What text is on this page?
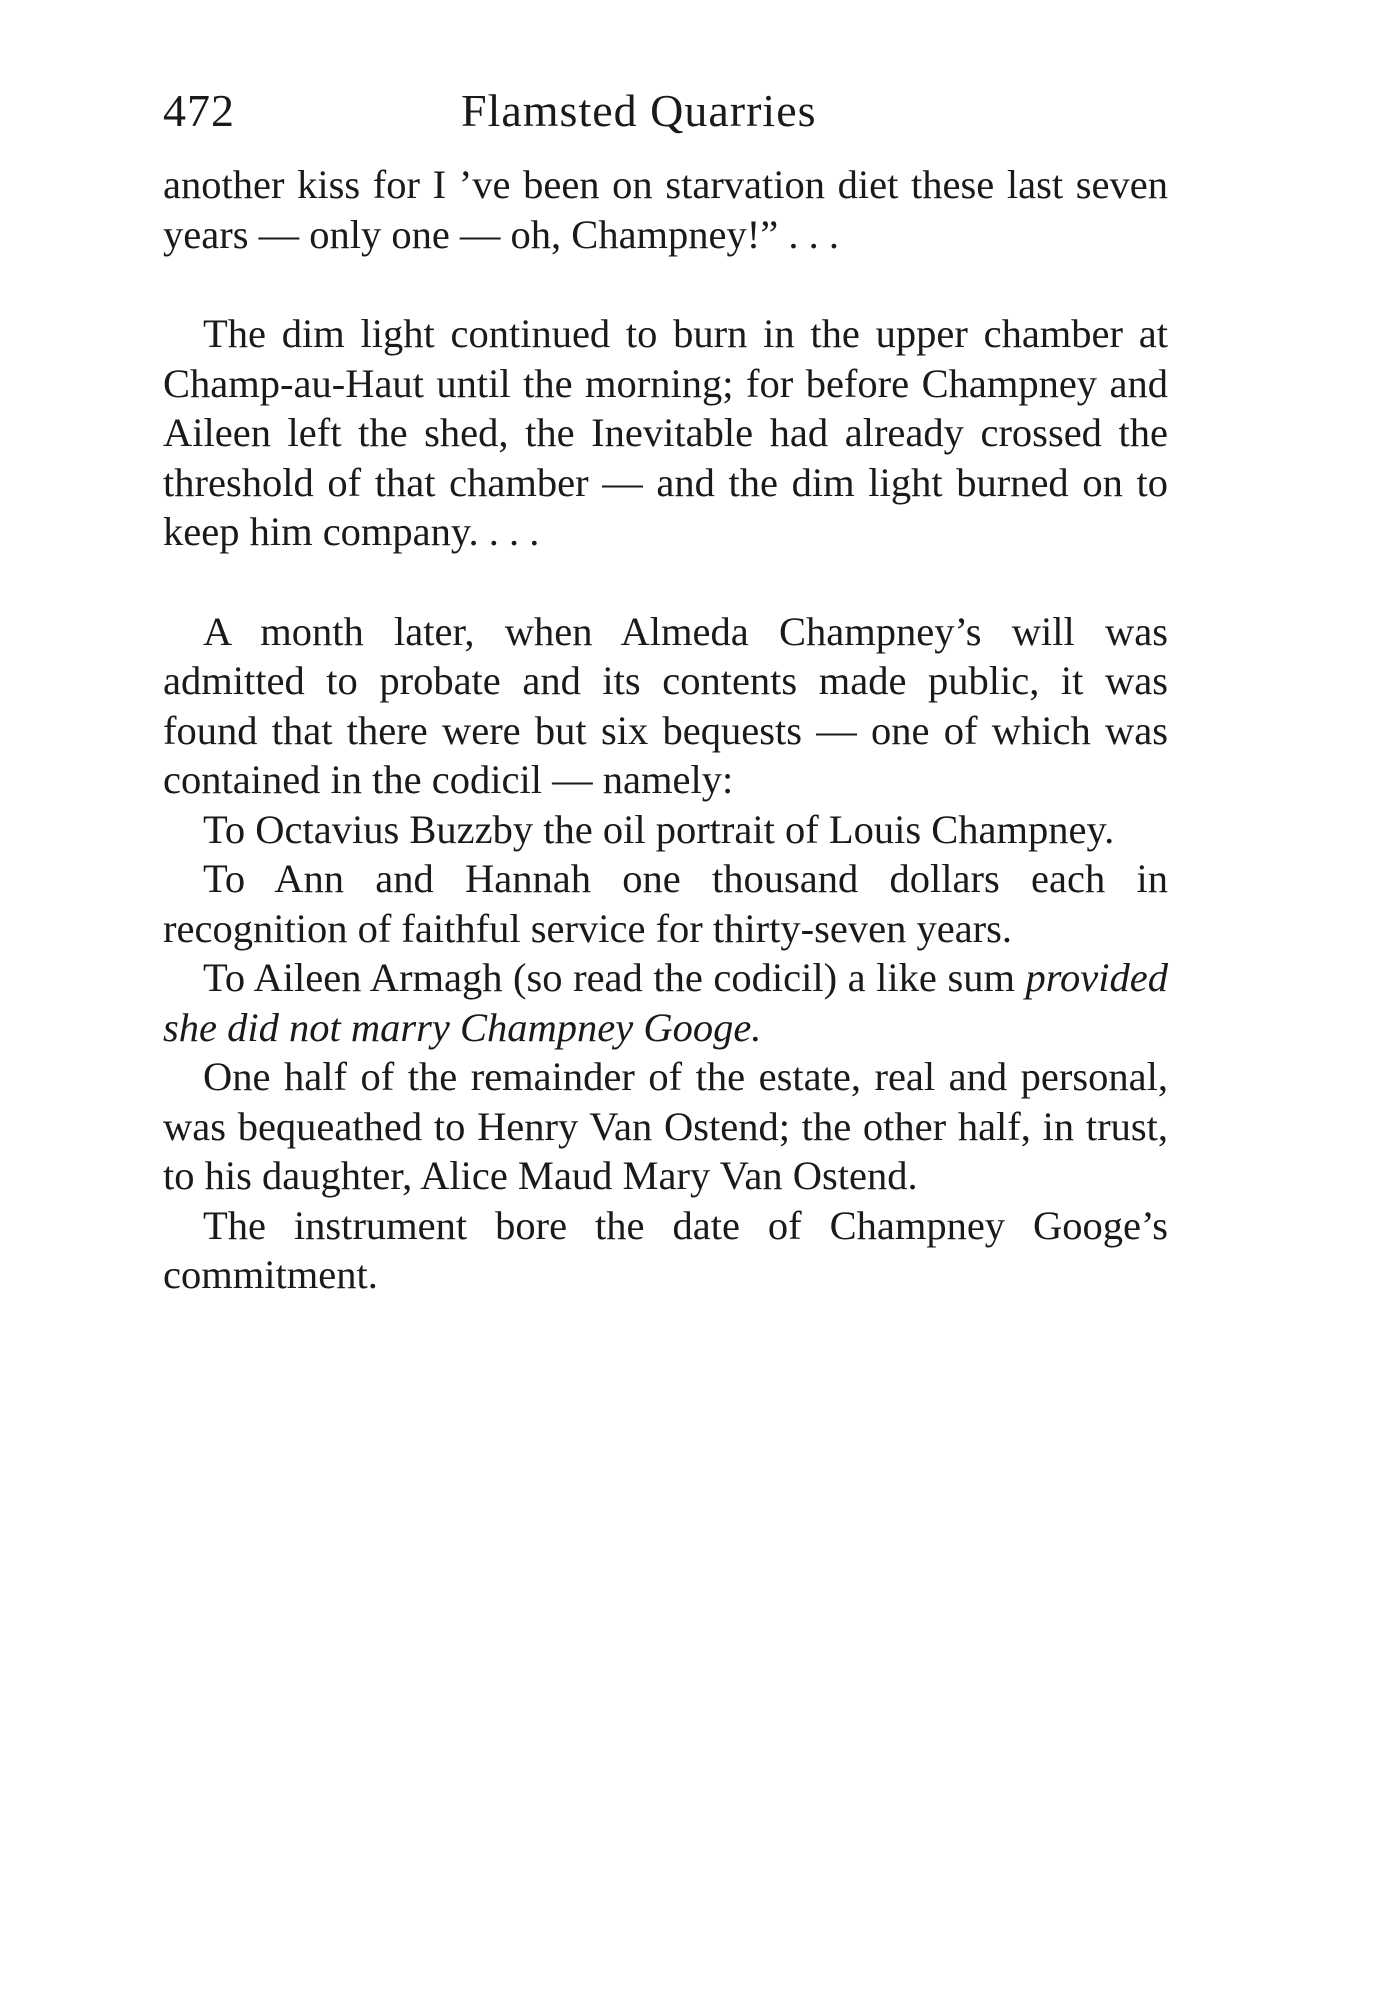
472	Flamsted Quarries

another kiss for I ’ve been on starvation diet these last seven years — only one — oh, Champney!” . . .

The dim light continued to burn in the upper chamber at Champ-au-Haut until the morning; for before Champney and Aileen left the shed, the Inevitable had already crossed the threshold of that chamber — and the dim light burned on to keep him company. . . .

A month later, when Almeda Champney’s will was admitted to probate and its contents made public, it was found that there were but six bequests — one of which was contained in the codicil — namely:

To Octavius Buzzby the oil portrait of Louis Champney.

To Ann and Hannah one thousand dollars each in recognition of faithful service for thirty-seven years.

To Aileen Armagh (so read the codicil) a like sum provided she did not marry Champney Googe.

One half of the remainder of the estate, real and personal, was bequeathed to Henry Van Ostend; the other half, in trust, to his daughter, Alice Maud Mary Van Ostend.

The instrument bore the date of Champney Googe’s commitment.
